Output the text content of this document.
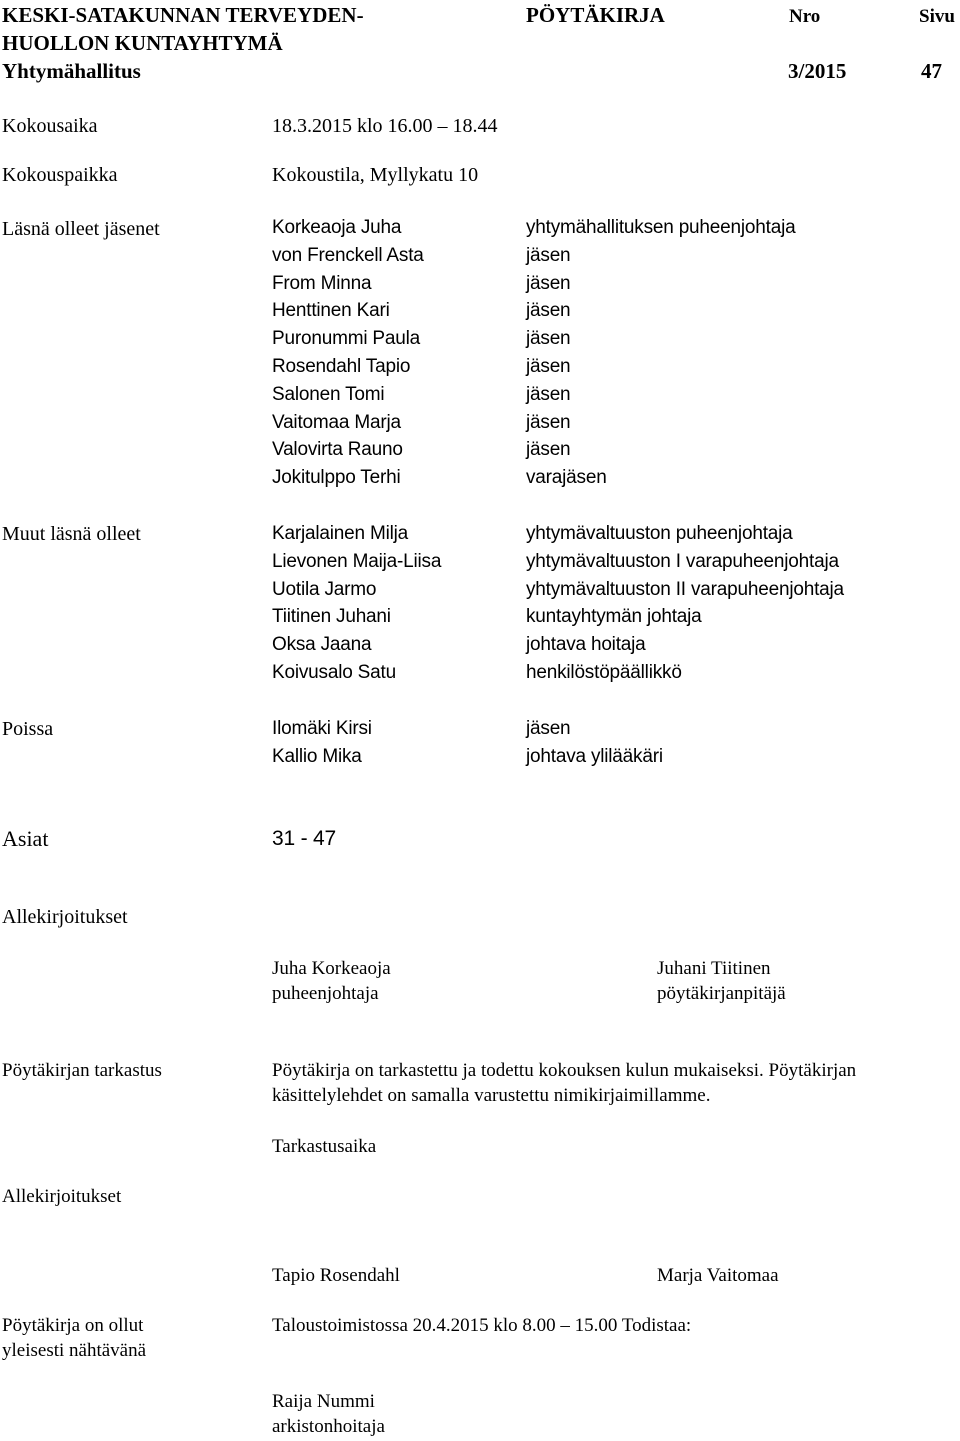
KESKI-SATAKUNNAN TERVEYDEN-
HUOLLON KUNTAYHTYMÄ
Yhtymähallitus
PÖYTÄKIRJA	Nro
3/2015
Sivu
47
Kokousaika	18.3.2015 klo 16.00 – 18.44
Kokouspaikka	Kokoustila, Myllykatu 10
Läsnä olleet jäsenet	Korkeaoja Juha	yhtymähallituksen puheenjohtaja
von Frenckell Asta	jäsen
From Minna	jäsen
Henttinen Kari	jäsen
Puronummi Paula	jäsen
Rosendahl Tapio	jäsen
Salonen Tomi	jäsen
Vaitomaa Marja	jäsen
Valovirta Rauno	jäsen
Jokitulppo Terhi	varajäsen
Muut läsnä olleet	Karjalainen Milja	yhtymävaltuuston puheenjohtaja
Lievonen Maija-Liisa	yhtymävaltuuston I varapuheenjohtaja
Uotila Jarmo	yhtymävaltuuston II varapuheenjohtaja
Tiitinen Juhani	kuntayhtymän johtaja
Oksa Jaana	johtava hoitaja
Koivusalo Satu	henkilöstöpäällikkö
Poissa	Ilomäki Kirsi	jäsen
Kallio Mika	johtava ylilääkäri
Asiat	31 - 47
Allekirjoitukset
Juha Korkeaoja
puheenjohtaja
Juhani Tiitinen
pöytäkirjanpitäjä
Pöytäkirjan tarkastus	Pöytäkirja on tarkastettu ja todettu kokouksen kulun mukaiseksi. Pöytäkirjan
käsittelylehdet on samalla varustettu nimikirjaimillamme.
Tarkastusaika
Allekirjoitukset
Tapio Rosendahl	Marja Vaitomaa
Pöytäkirja on ollut
yleisesti nähtävänä
Taloustoimistossa 20.4.2015 klo 8.00 – 15.00 Todistaa:
Raija Nummi
arkistonhoitaja
